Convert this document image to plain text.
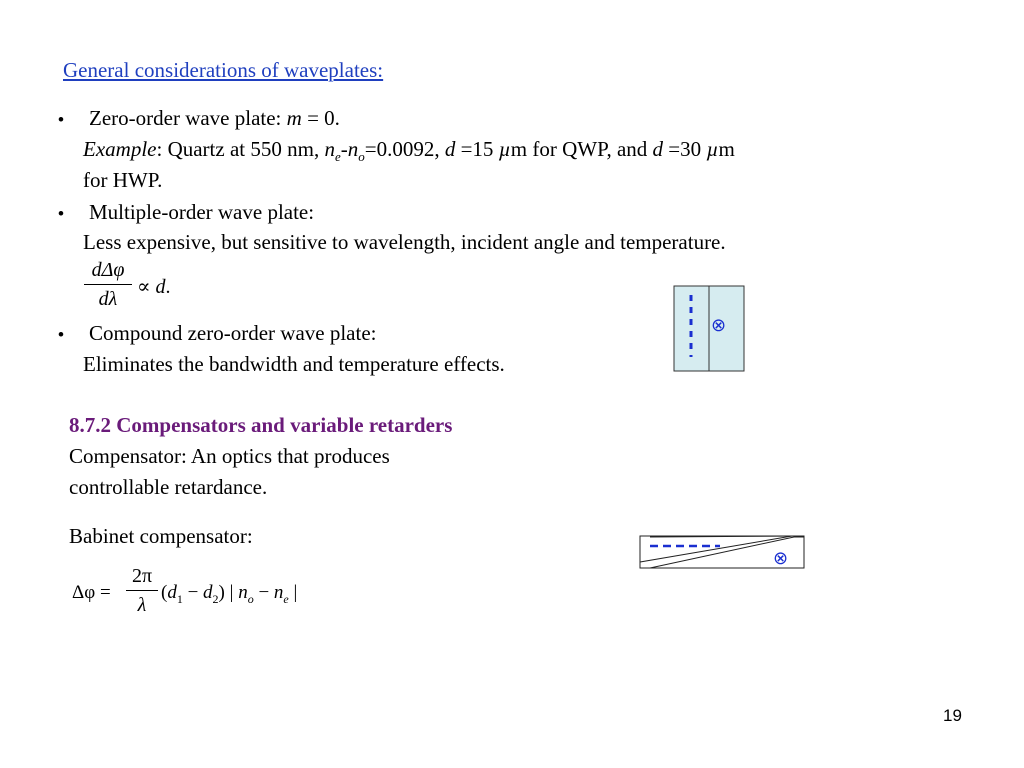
General considerations of waveplates:
• Zero-order wave plate: m = 0.
Example: Quartz at 550 nm, $n_e-n_o=0.0092$, d =15 µm for QWP, and d =30 µm
for HWP.
• Multiple-order wave plate:
Less expensive, but sensitive to wavelength, incident angle and temperature.
dΔφ
dλ
∝ d.
• Compound zero-order wave plate:
Eliminates the bandwidth and temperature effects.
⊗
8.7.2 Compensators and variable retarders
Compensator: An optics that produces
controllable retardance.
Babinet compensator:
Δφ =
2π
λ
$(d_1 - d_2)$ | $n_o - n_e$ |
⊗
19
